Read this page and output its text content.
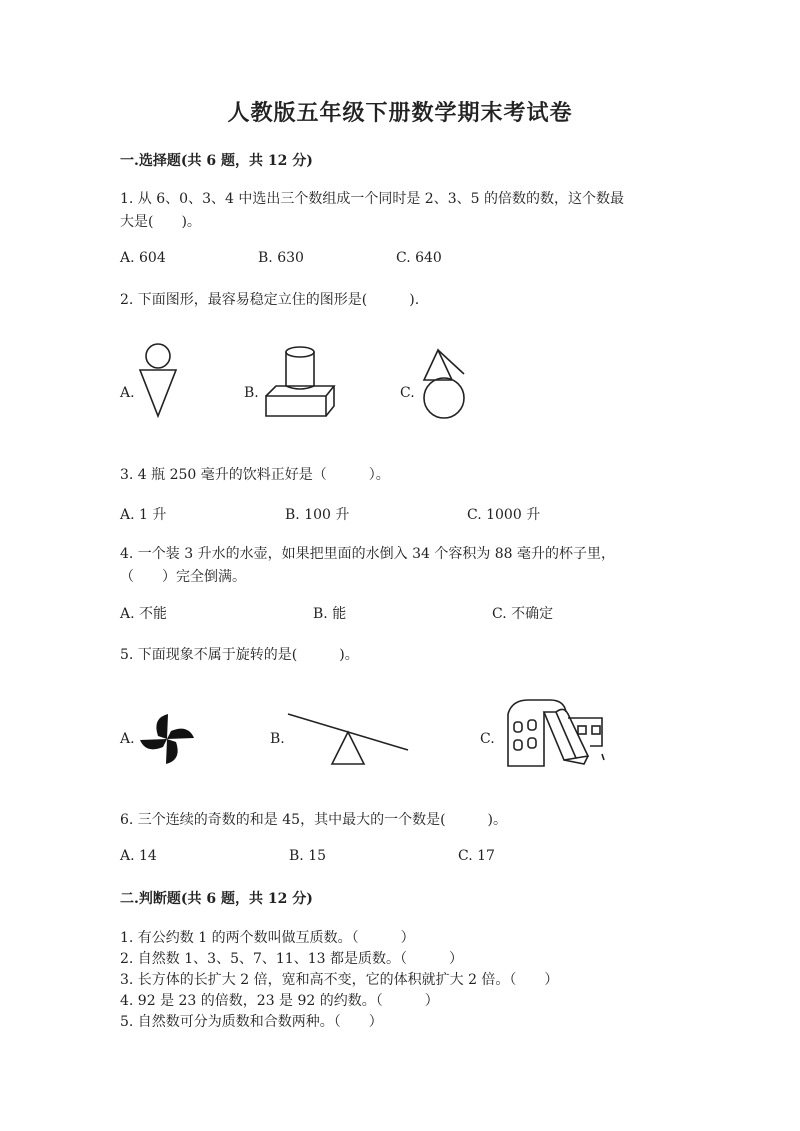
人教版五年级下册数学期末考试卷
一.选择题(共 6 题，共 12 分)
1. 从 6、0、3、4 中选出三个数组成一个同时是 2、3、5 的倍数的数，这个数最
大是(　　)。
A. 604	B. 630	C. 640
2. 下面图形，最容易稳定立住的图形是(　　　).
A.	B.	C.
3. 4 瓶 250 毫升的饮料正好是（　　　）。
A. 1 升	B. 100 升	C. 1000 升
4. 一个装 3 升水的水壶，如果把里面的水倒入 34 个容积为 88 毫升的杯子里，
（　　）完全倒满。
A. 不能	B. 能	C. 不确定
5. 下面现象不属于旋转的是(　　　)。
A.	B.	C.
6. 三个连续的奇数的和是 45，其中最大的一个数是(　　　)。
A. 14	B. 15	C. 17
二.判断题(共 6 题，共 12 分)
1. 有公约数 1 的两个数叫做互质数。（　　　）
2. 自然数 1、3、5、7、11、13 都是质数。（　　　）
3. 长方体的长扩大 2 倍，宽和高不变，它的体积就扩大 2 倍。（　　）
4. 92 是 23 的倍数，23 是 92 的约数。（　　　）
5. 自然数可分为质数和合数两种。（　　）
